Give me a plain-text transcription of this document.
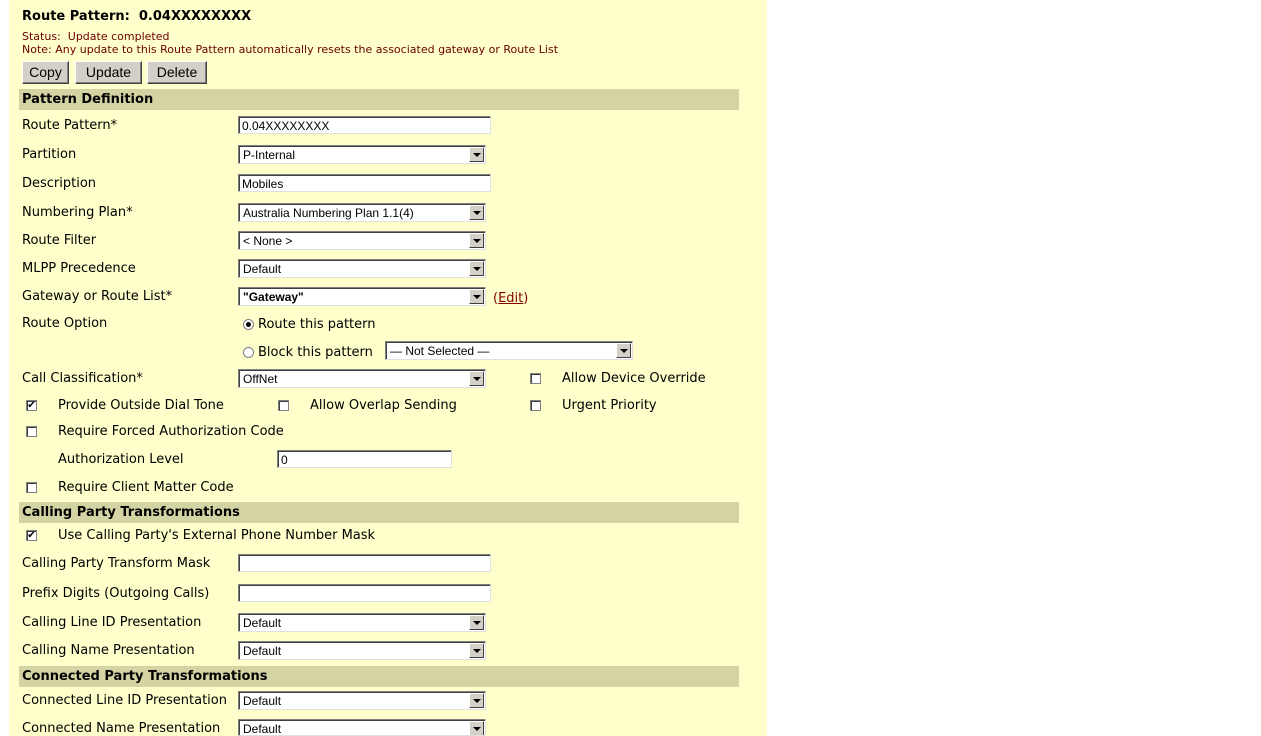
Route Pattern: 0.04XXXXXXXX
Status: Update completed
Note: Any update to this Route Pattern automatically resets the associated gateway or Route List
Copy	Update	Delete
Pattern Definition
Route Pattern*	0.04XXXXXXXX
Partition	P-Internal
Description	Mobiles
Numbering Plan*	Australia Numbering Plan 1.1(4)
Route Filter	< None >
MLPP Precedence	Default
Gateway or Route List*	"Gateway"	(Edit)
Route Option	Route this pattern
Block this pattern — Not Selected —
Call Classification*	OffNet	Allow Device Override
✔ Provide Outside Dial Tone	Allow Overlap Sending	Urgent Priority
Require Forced Authorization Code
Authorization Level	0
Require Client Matter Code
Calling Party Transformations
✔ Use Calling Party's External Phone Number Mask
Calling Party Transform Mask
Prefix Digits (Outgoing Calls)
Calling Line ID Presentation	Default
Calling Name Presentation	Default
Connected Party Transformations
Connected Line ID Presentation Default
Connected Name Presentation Default
